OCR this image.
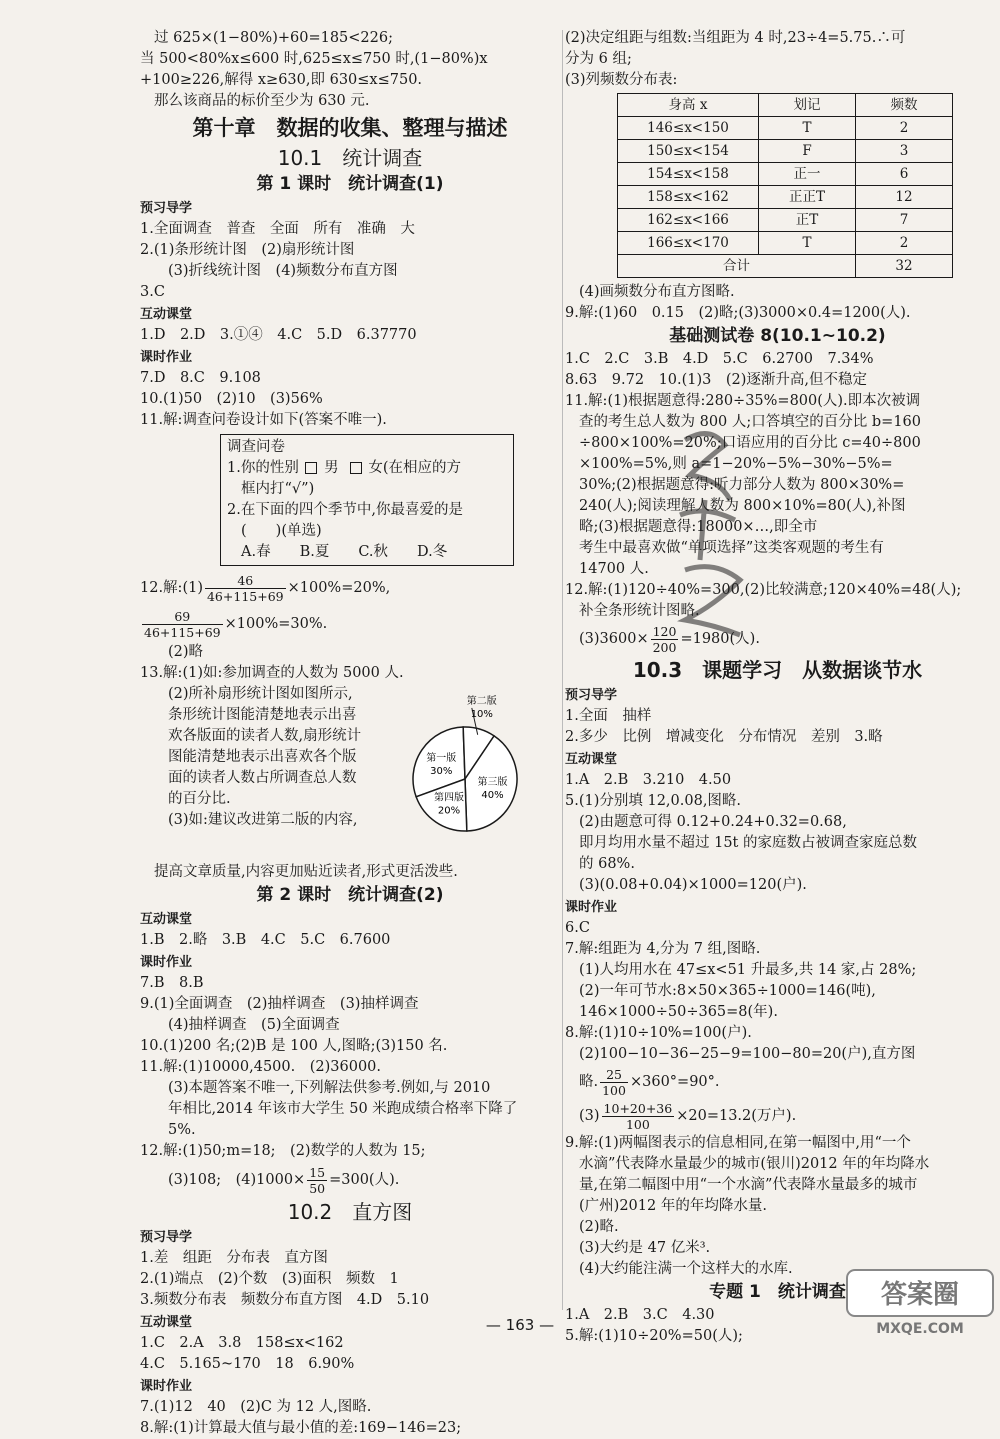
过 625×(1−80%)+60=185<226;
当 500<80%x≤600 时,625≤x≤750 时,(1−80%)x
+100≥226,解得 x≥630,即 630≤x≤750.
那么该商品的标价至少为 630 元.
第十章　数据的收集、整理与描述
10.1　统计调查
第 1 课时　统计调查(1)
预习导学
1.全面调查　普查　全面　所有　准确　大
2.(1)条形统计图　(2)扇形统计图
(3)折线统计图　(4)频数分布直方图
3.C
互动课堂
1.D　2.D　3.①④　4.C　5.D　6.37770
课时作业
7.D　8.C　9.108
10.(1)50　(2)10　(3)56%
11.解:调查问卷设计如下(答案不唯一).
调查问卷
1.你的性别 男 女(在相应的方
框内打“√”)
2.在下面的四个季节中,你最喜爱的是
(　　)(单选)
A.春　　B.夏　　C.秋　　D.冬
12.解:(1) $\frac{46}{46+115+69} \times 100\%=20\%$,
$\frac{69}{46+115+69} \times 100\%=30\%$.
(2)略
13.解:(1)如:参加调查的人数为 5000 人.
(2)所补扇形统计图如图所示,
条形统计图能清楚地表示出喜
欢各版面的读者人数,扇形统计
图能清楚地表示出喜欢各个版
面的读者人数占所调查总人数
的百分比.
(3)如:建议改进第二版的内容,
第一版
30%
第二版
10%
第三版
40%
第四版
20%
提高文章质量,内容更加贴近读者,形式更活泼些.
第 2 课时　统计调查(2)
互动课堂
1.B　2.略　3.B　4.C　5.C　6.7600
课时作业
7.B　8.B
9.(1)全面调查　(2)抽样调查　(3)抽样调查
(4)抽样调查　(5)全面调查
10.(1)200 名;(2)B 是 100 人,图略;(3)150 名.
11.解:(1)10000,4500.　(2)36000.
(3)本题答案不唯一,下列解法供参考.例如,与 2010
年相比,2014 年该市大学生 50 米跑成绩合格率下降了
5%.
12.解:(1)50;m=18;　(2)数学的人数为 15;
(3)108;　$(4)1000\times \frac{15}{50} =300$(人).
10.2　直方图
预习导学
1.差　组距　分布表　直方图
2.(1)端点　(2)个数　(3)面积　频数　1
3.频数分布表　频数分布直方图　4.D　5.10
互动课堂
1.C　2.A　3.8　158≤x<162
4.C　5.165~170　18　6.90%
课时作业
7.(1)12　40　(2)C 为 12 人,图略.
8.解:(1)计算最大值与最小值的差:169−146=23;
(2)决定组距与组数:当组距为 4 时,23÷4=5.75.∴可
分为 6 组;
(3)列频数分布表:
身高 x	划记	频数
146≤x<150	T	2
150≤x<154	F	3
154≤x<158	正一	6
158≤x<162	正正T	12
162≤x<166	正T	7
166≤x<170	T	2
合计		32
(4)画频数分布直方图略.
9.解:(1)60　0.15　(2)略;(3)3000×0.4=1200(人).
基础测试卷 8(10.1~10.2)
1.C　2.C　3.B　4.D　5.C　6.2700　7.34%
8.63　9.72　10.(1)3　(2)逐渐升高,但不稳定
11.解:(1)根据题意得:280÷35%=800(人).即本次被调
查的考生总人数为 800 人;口答填空的百分比 b=160
÷800×100%=20%;口语应用的百分比 c=40÷800
×100%=5%,则 a=1−20%−5%−30%−5%=
30%;(2)根据题意得:听力部分人数为 800×30%=
240(人);阅读理解人数为 800×10%=80(人),补图
略;(3)根据题意得:18000×…,即全市
考生中最喜欢做“单项选择”这类客观题的考生有
14700 人.
12.解:(1)120÷40%=300,(2)比较满意;120×40%=48(人);
补全条形统计图略.
$(3)3600\times \frac{120}{200} =1980$(人).
10.3　课题学习　从数据谈节水
预习导学
1.全面　抽样
2.多少　比例　增减变化　分布情况　差别　3.略
互动课堂
1.A　2.B　3.210　4.50
5.(1)分别填 12,0.08,图略.
(2)由题意可得 0.12+0.24+0.32=0.68,
即月均用水量不超过 15t 的家庭数占被调查家庭总数
的 68%.
(3)(0.08+0.04)×1000=120(户).
课时作业
6.C
7.解:组距为 4,分为 7 组,图略.
(1)人均用水在 47≤x<51 升最多,共 14 家,占 28%;
(2)一年可节水:8×50×365÷1000=146(吨),
146×1000÷50÷365=8(年).
8.解:(1)10÷10%=100(户).
(2)100−10−36−25−9=100−80=20(户),直方图
略. $\frac{25}{100} \times 360^\circ=90^\circ$.
$(3) \frac{10+20+36}{100} \times 20=13.2$(万户).
9.解:(1)两幅图表示的信息相同,在第一幅图中,用“一个
水滴”代表降水量最少的城市(银川)2012 年的年均降水
量,在第二幅图中用“一个水滴”代表降水量最多的城市
(广州)2012 年的年均降水量.
(2)略.
(3)大约是 47 亿米³.
(4)大约能注满一个这样大的水库.
专题 1　统计调查
1.A　2.B　3.C　4.30
5.解:(1)10÷20%=50(人);
— 163 —
答案圈
MXQE.COM
